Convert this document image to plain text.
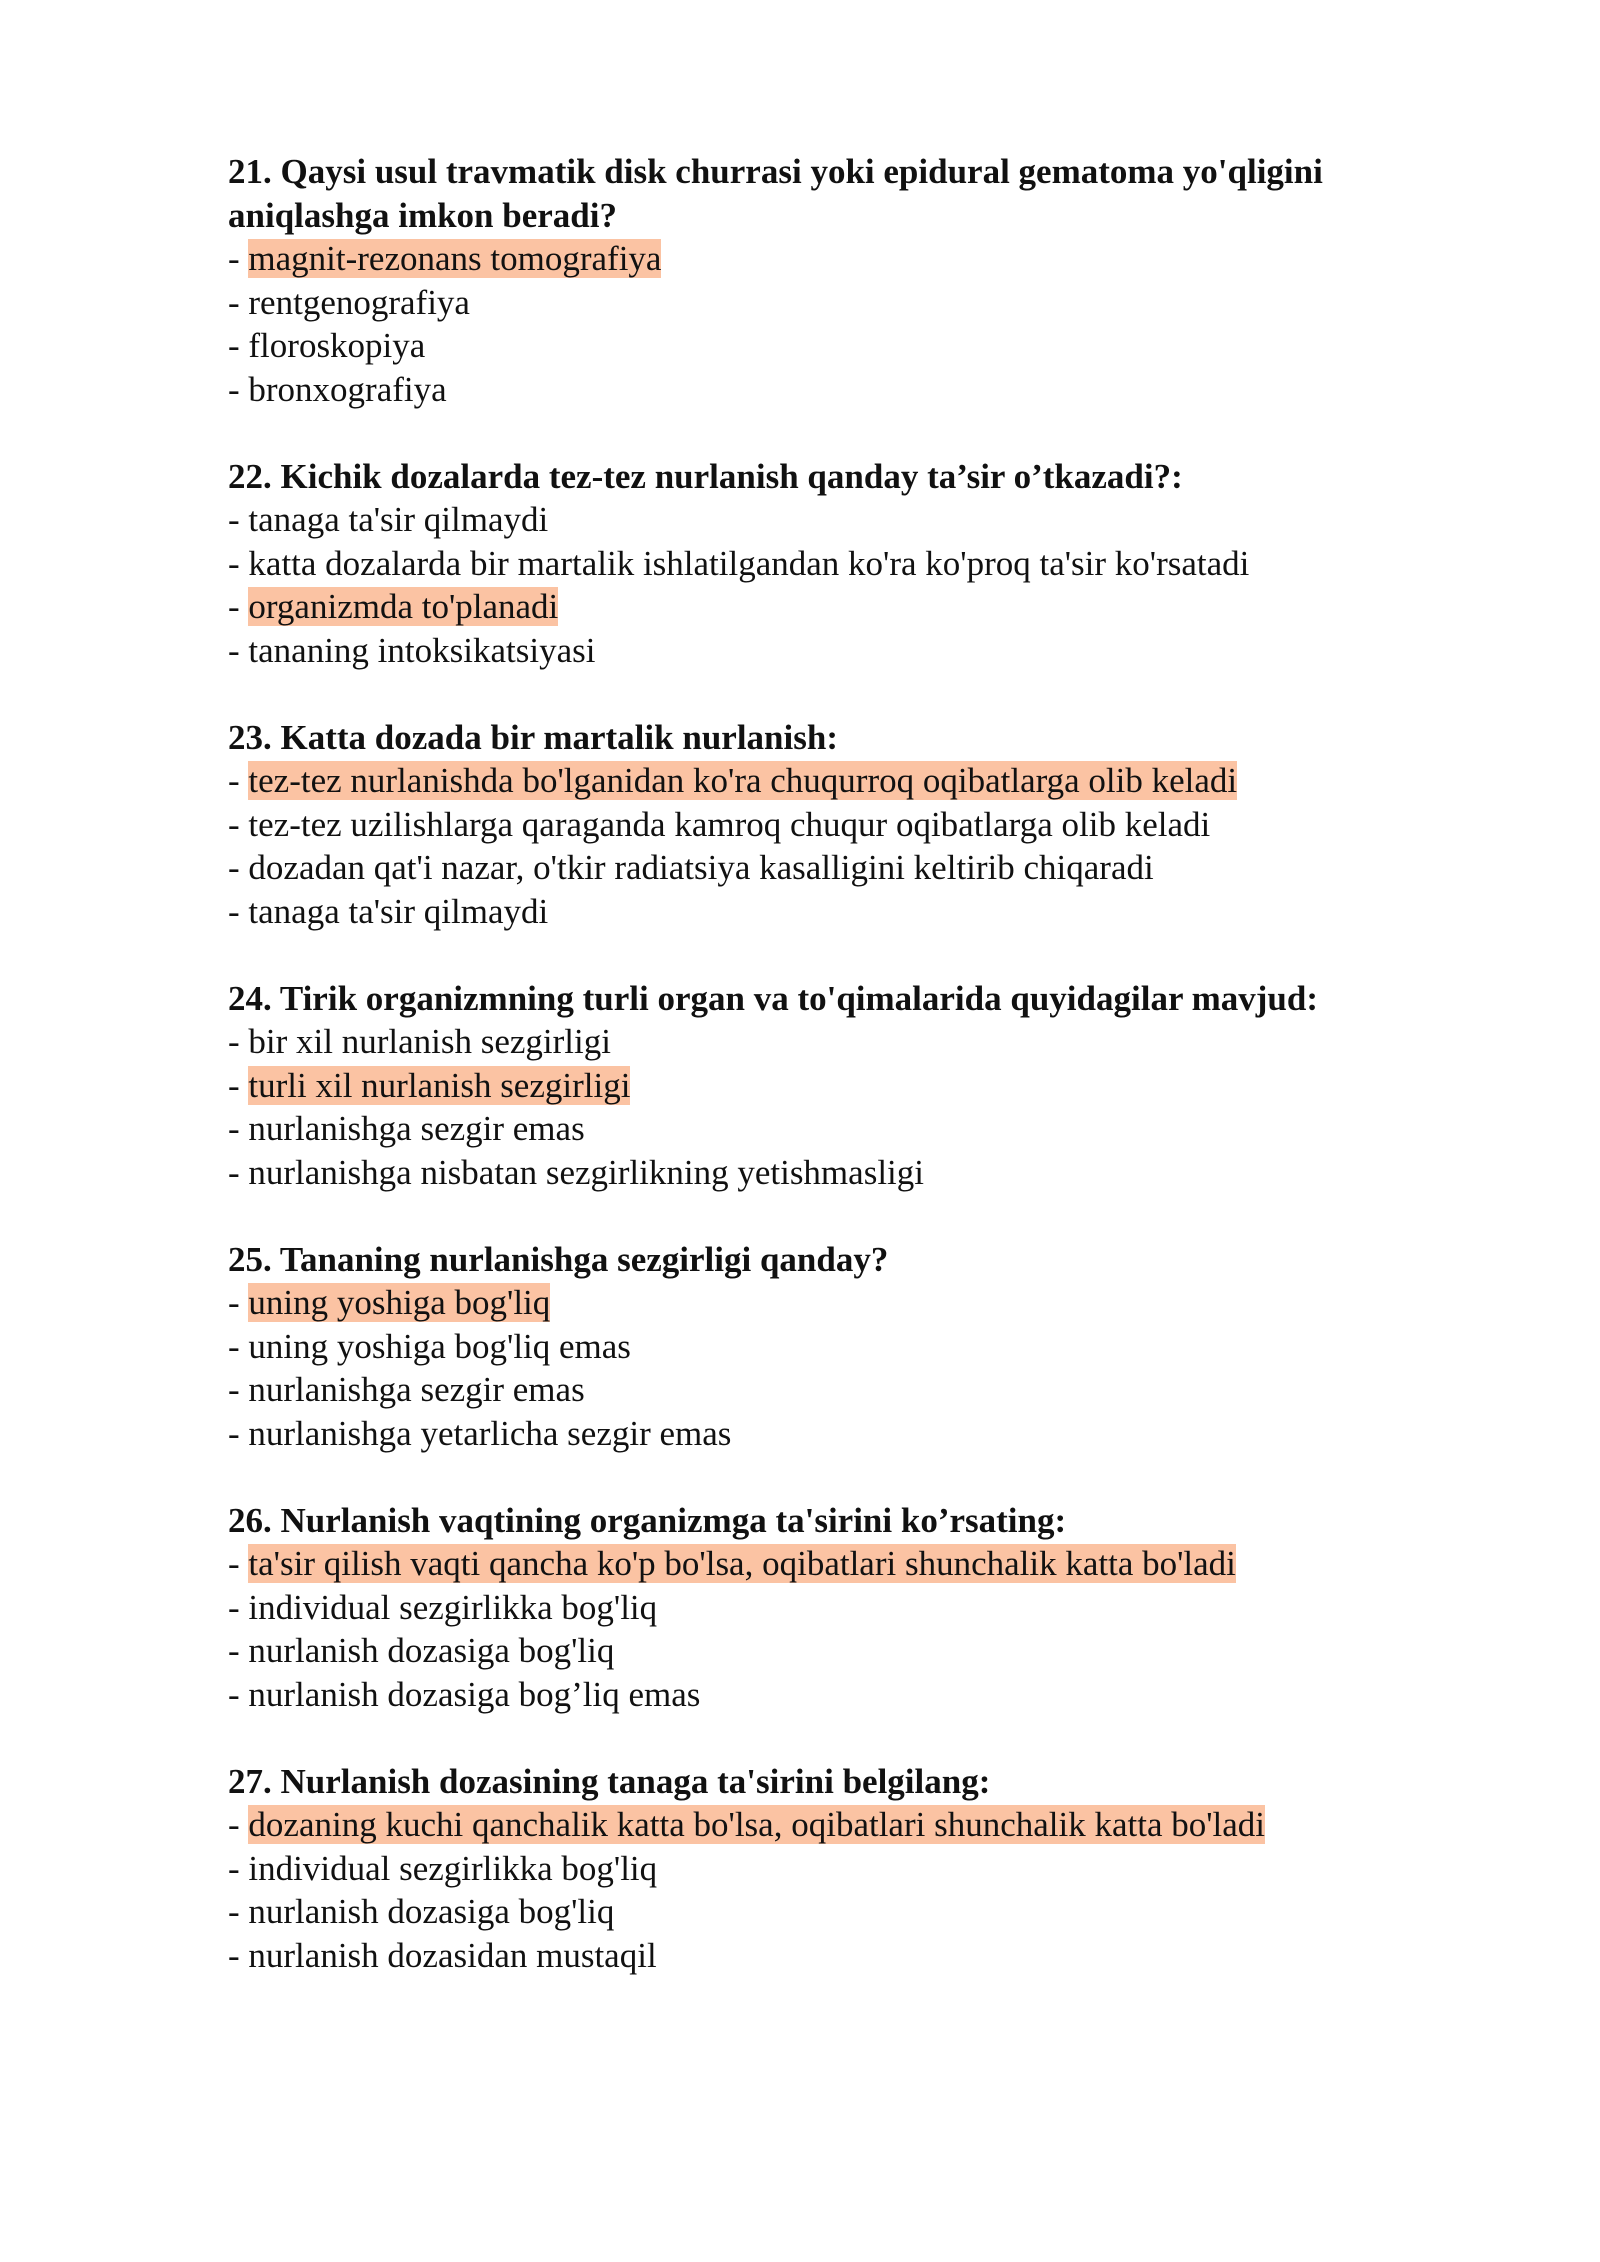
21. Qaysi usul travmatik disk churrasi yoki epidural gematoma yo'qligini aniqlashga imkon beradi?

- magnit-rezonans tomografiya

- rentgenografiya

- floroskopiya

- bronxografiya

22. Kichik dozalarda tez-tez nurlanish qanday ta’sir o’tkazadi?:

- tanaga ta'sir qilmaydi

- katta dozalarda bir martalik ishlatilgandan ko'ra ko'proq ta'sir ko'rsatadi

- organizmda to'planadi

- tananing intoksikatsiyasi

23. Katta dozada bir martalik nurlanish:

- tez-tez nurlanishda bo'lganidan ko'ra chuqurroq oqibatlarga olib keladi

- tez-tez uzilishlarga qaraganda kamroq chuqur oqibatlarga olib keladi

- dozadan qat'i nazar, o'tkir radiatsiya kasalligini keltirib chiqaradi

- tanaga ta'sir qilmaydi

24. Tirik organizmning turli organ va to'qimalarida quyidagilar mavjud:

- bir xil nurlanish sezgirligi

- turli xil nurlanish sezgirligi

- nurlanishga sezgir emas

- nurlanishga nisbatan sezgirlikning yetishmasligi

25. Tananing nurlanishga sezgirligi qanday?

- uning yoshiga bog'liq

- uning yoshiga bog'liq emas

- nurlanishga sezgir emas

- nurlanishga yetarlicha sezgir emas

26. Nurlanish vaqtining organizmga ta'sirini ko’rsating:

- ta'sir qilish vaqti qancha ko'p bo'lsa, oqibatlari shunchalik katta bo'ladi

- individual sezgirlikka bog'liq

- nurlanish dozasiga bog'liq

- nurlanish dozasiga bog’liq emas

27. Nurlanish dozasining tanaga ta'sirini belgilang:

- dozaning kuchi qanchalik katta bo'lsa, oqibatlari shunchalik katta bo'ladi

- individual sezgirlikka bog'liq

- nurlanish dozasiga bog'liq

- nurlanish dozasidan mustaqil
